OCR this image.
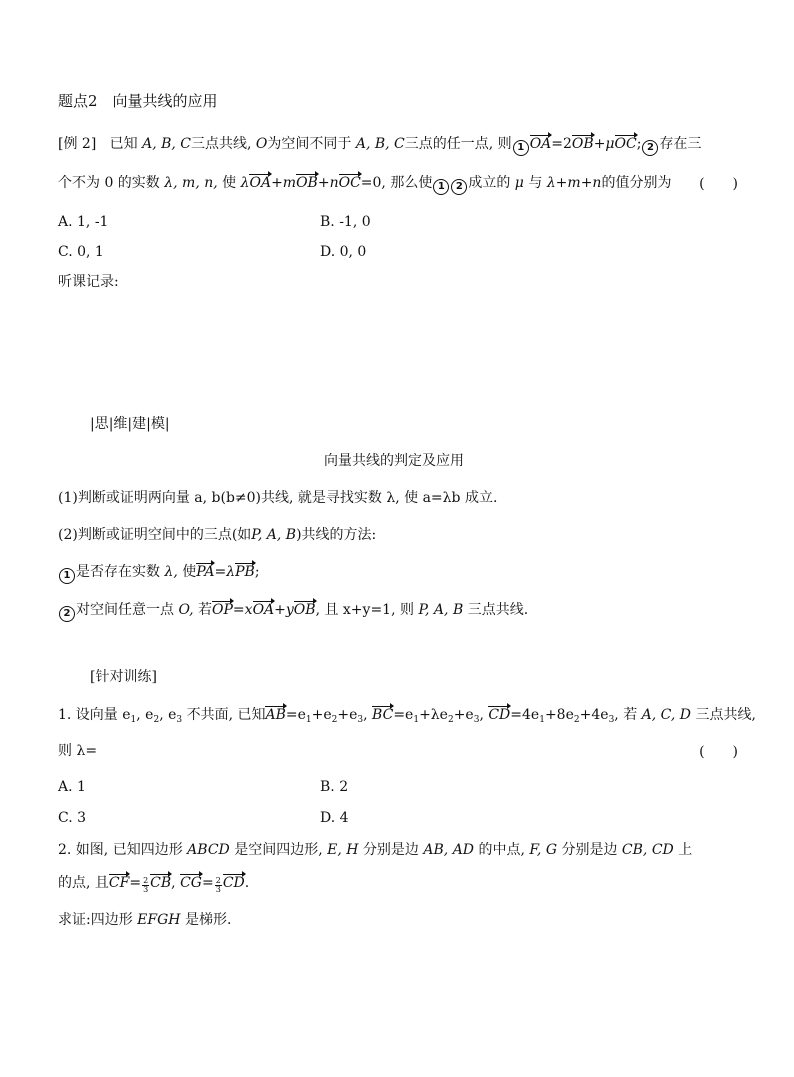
题点2　向量共线的应用
[例 2] 已知 A, B, C三点共线, O为空间不同于 A, B, C三点的任一点, 则 1 OA=2OB+μOC; 2 存在三
个不为 0 的实数 λ, m, n, 使 λOA+mOB+nOC=0, 那么使 1 2 成立的 μ 与 λ+m+n的值分别为	(　　)
A. 1, -1	B. -1, 0
C. 0, 1	D. 0, 0
听课记录:
|思|维|建|模|
向量共线的判定及应用
(1)判断或证明两向量 a, b(b≠0)共线, 就是寻找实数 λ, 使 a=λb 成立.
(2)判断或证明空间中的三点(如P, A, B)共线的方法:
1 是否存在实数 λ, 使PA=λPB;
2 对空间任意一点 O, 若OP=xOA+yOB, 且 x+y=1, 则 P, A, B 三点共线.
[针对训练]
1. 设向量 $e_1$, $e_2$, $e_3$ 不共面, 已知$AB=e_1+e_2+e_3$, $BC=e_1+\lambda e_2+e_3$, $CD=4e_1+8e_2+4e_3$, 若 A, C, D 三点共线,
则 λ=	(　　)
A. 1	B. 2
C. 3	D. 4
2. 如图, 已知四边形 ABCD 是空间四边形, E, H 分别是边 AB, AD 的中点, F, G 分别是边 CB, CD 上
的点, 且$CF= \frac{2}{3}$ CB, $CG= \frac{2}{3}$ CD.
求证:四边形 EFGH 是梯形.
